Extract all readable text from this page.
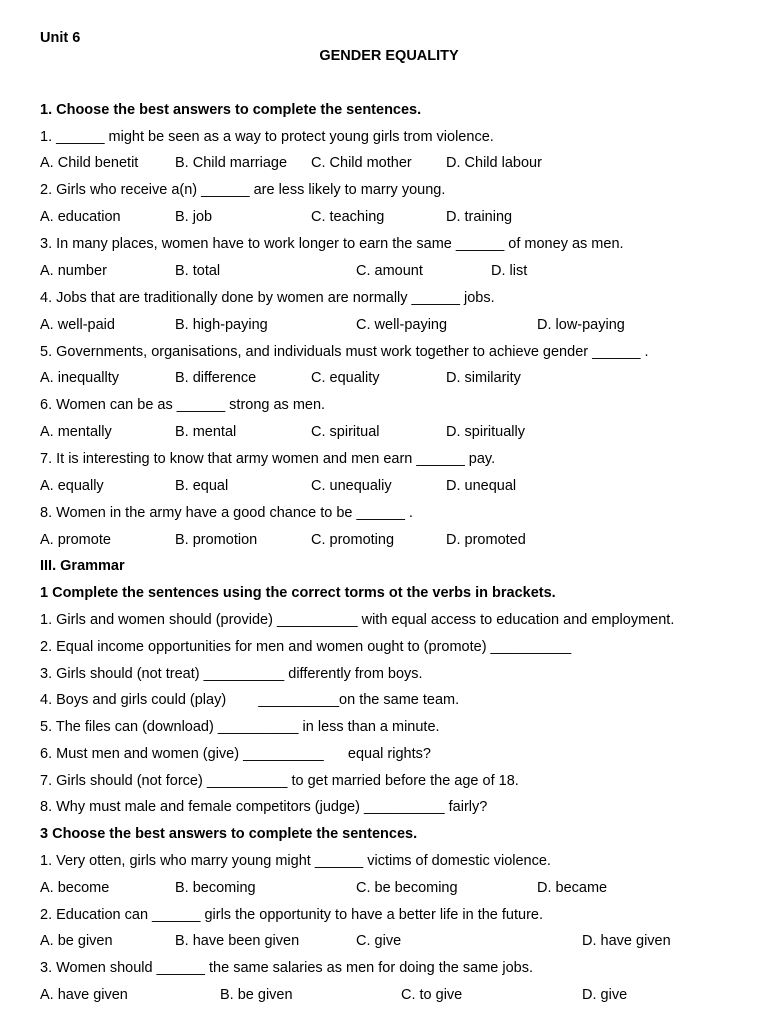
Unit 6
GENDER EQUALITY
1. Choose the best answers to complete the sentences.
1. ______ might be seen as a way to protect young girls trom violence.
A. Child benetit	B. Child marriage C. Child mother D. Child labour
2. Girls who receive a(n) ______ are less likely to marry young.
A. education	B. job	C. teaching	D. training
3. In many places, women have to work longer to earn the same ______ of money as men.
A. number	B. total	C. amount	D. list
4. Jobs that are traditionally done by women are normally ______ jobs.
A. well-paid	B. high-paying	C. well-paying	D. low-paying
5. Governments, organisations, and individuals must work together to achieve gender ______ .
A. inequallty	B. difference	C. equality	D. similarity
6. Women can be as ______ strong as men.
A. mentally	B. mental	C. spiritual	D. spiritually
7. It is interesting to know that army women and men earn ______ pay.
A. equally	B. equal	C. unequaliy	D. unequal
8. Women in the army have a good chance to be ______ .
A. promote	B. promotion	C. promoting	D. promoted
III. Grammar
1 Complete the sentences using the correct torms ot the verbs in brackets.
1. Girls and women should (provide) __________ with equal access to education and employment.
2. Equal income opportunities for men and women ought to (promote) __________
3. Girls should (not treat) __________ differently from boys.
4. Boys and girls could (play)        __________on the same team.
5. The files can (download) __________ in less than a minute.
6. Must men and women (give) __________      equal rights?
7. Girls should (not force) __________ to get married before the age of 18.
8. Why must male and female competitors (judge) __________ fairly?
3 Choose the best answers to complete the sentences.
1. Very otten, girls who marry young might ______ victims of domestic violence.
A. become	B. becoming	C. be becoming	D. became
2. Education can ______ girls the opportunity to have a better life in the future.
A. be given	B. have been given	C. give	D. have given
3. Women should ______ the same salaries as men for doing the same jobs.
A. have given	B. be given	C. to give	D. give
